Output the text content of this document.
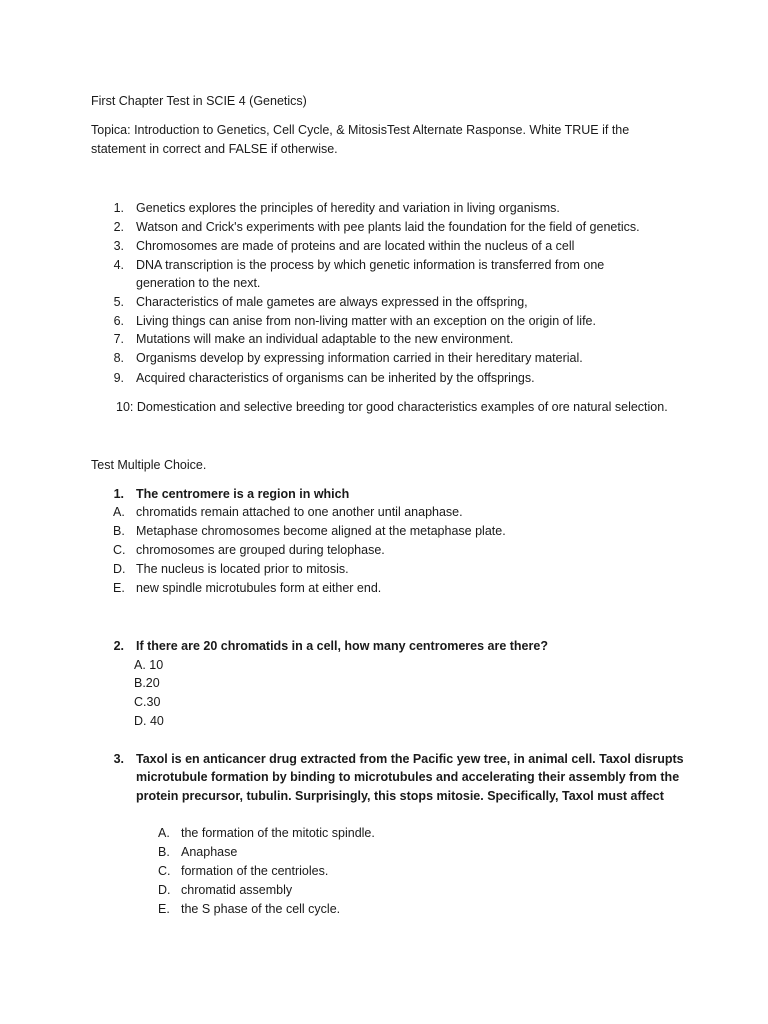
First Chapter Test in SCIE 4 (Genetics)
Topica: Introduction to Genetics, Cell Cycle, & MitosisTest Alternate Rasponse. White TRUE if the
statement in correct and FALSE if otherwise.
1. Genetics explores the principles of heredity and variation in living organisms.
2. Watson and Crick's experiments with pee plants laid the foundation for the field of genetics.
3. Chromosomes are made of proteins and are located within the nucleus of a cell
4. DNA transcription is the process by which genetic information is transferred from one
generation to the next.
5. Characteristics of male gametes are always expressed in the offspring,
6. Living things can anise from non-living matter with an exception on the origin of life.
7. Mutations will make an individual adaptable to the new environment.
8. Organisms develop by expressing information carried in their hereditary material.
9. Acquired characteristics of organisms can be inherited by the offsprings.
10: Domestication and selective breeding tor good characteristics examples of ore natural selection.
Test Multiple Choice.
1. The centromere is a region in which
A. chromatids remain attached to one another until anaphase.
B. Metaphase chromosomes become aligned at the metaphase plate.
C. chromosomes are grouped during telophase.
D. The nucleus is located prior to mitosis.
E. new spindle microtubules form at either end.
2. If there are 20 chromatids in a cell, how many centromeres are there?
A. 10
B.20
C.30
D. 40
3. Taxol is en anticancer drug extracted from the Pacific yew tree, in animal cell. Taxol disrupts
microtubule formation by binding to microtubules and accelerating their assembly from the
protein precursor, tubulin. Surprisingly, this stops mitosie. Specifically, Taxol must affect
A. the formation of the mitotic spindle.
B. Anaphase
C. formation of the centrioles.
D. chromatid assembly
E. the S phase of the cell cycle.
